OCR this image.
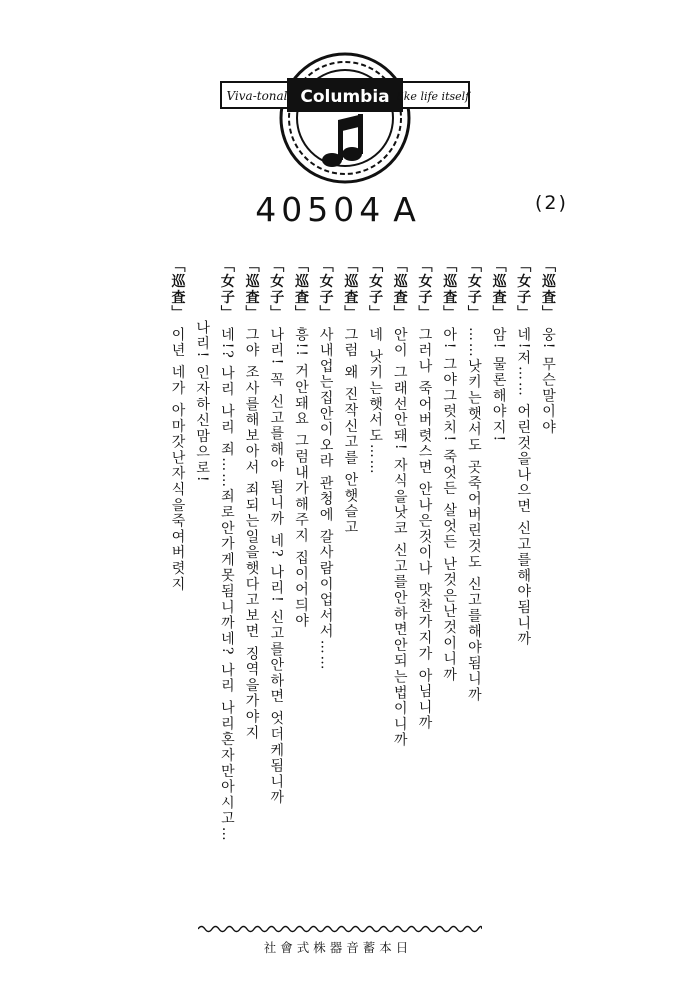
Viva-tonal	like life itself
Columbia
40504 A	(2)
「巡査」웅! 무슨말이야
「女子」네!저…… 어린것을나으면 신고를해야됨니까
「巡査」암! 물론해야지!
「女子」……낫키는햇서도 곳죽어버린것도 신고를해야됨니까
「巡査」아! 그야그럿치! 죽엇든 살엇든 난것은난것이니까
「女子」그러나 죽어버렷스면 안나은것이나 맛찬가지가 아님니까
「巡査」안이 그래선안돼! 자식을낫코 신고를안하면안되는법이니까
「女子」네 낫키는햇서도……
「巡査」그럼 왜 진작신고를 안햇슬고
「女子」사내업는집안이오라 관청에 갈사람이업서서……
「巡査」흥!! 거안돼요 그럼내가해주지 집이어듸야
「女子」나리! 꼭 신고를해야 됨니까 네? 나리! 신고를안하면 엇더케됨니까
「巡査」그야 조사를해보아서 죄되는일을햇다고보면 징역을가야지
「女子」네!? 나리 나리 죄……죄로안가게못됨니까네? 나리 나리혼자만아시고…
나리! 인자하신맘으로!
「巡査」이년 네가 아마갓난자식을죽여버렷지
日本蓄音器株式會社
